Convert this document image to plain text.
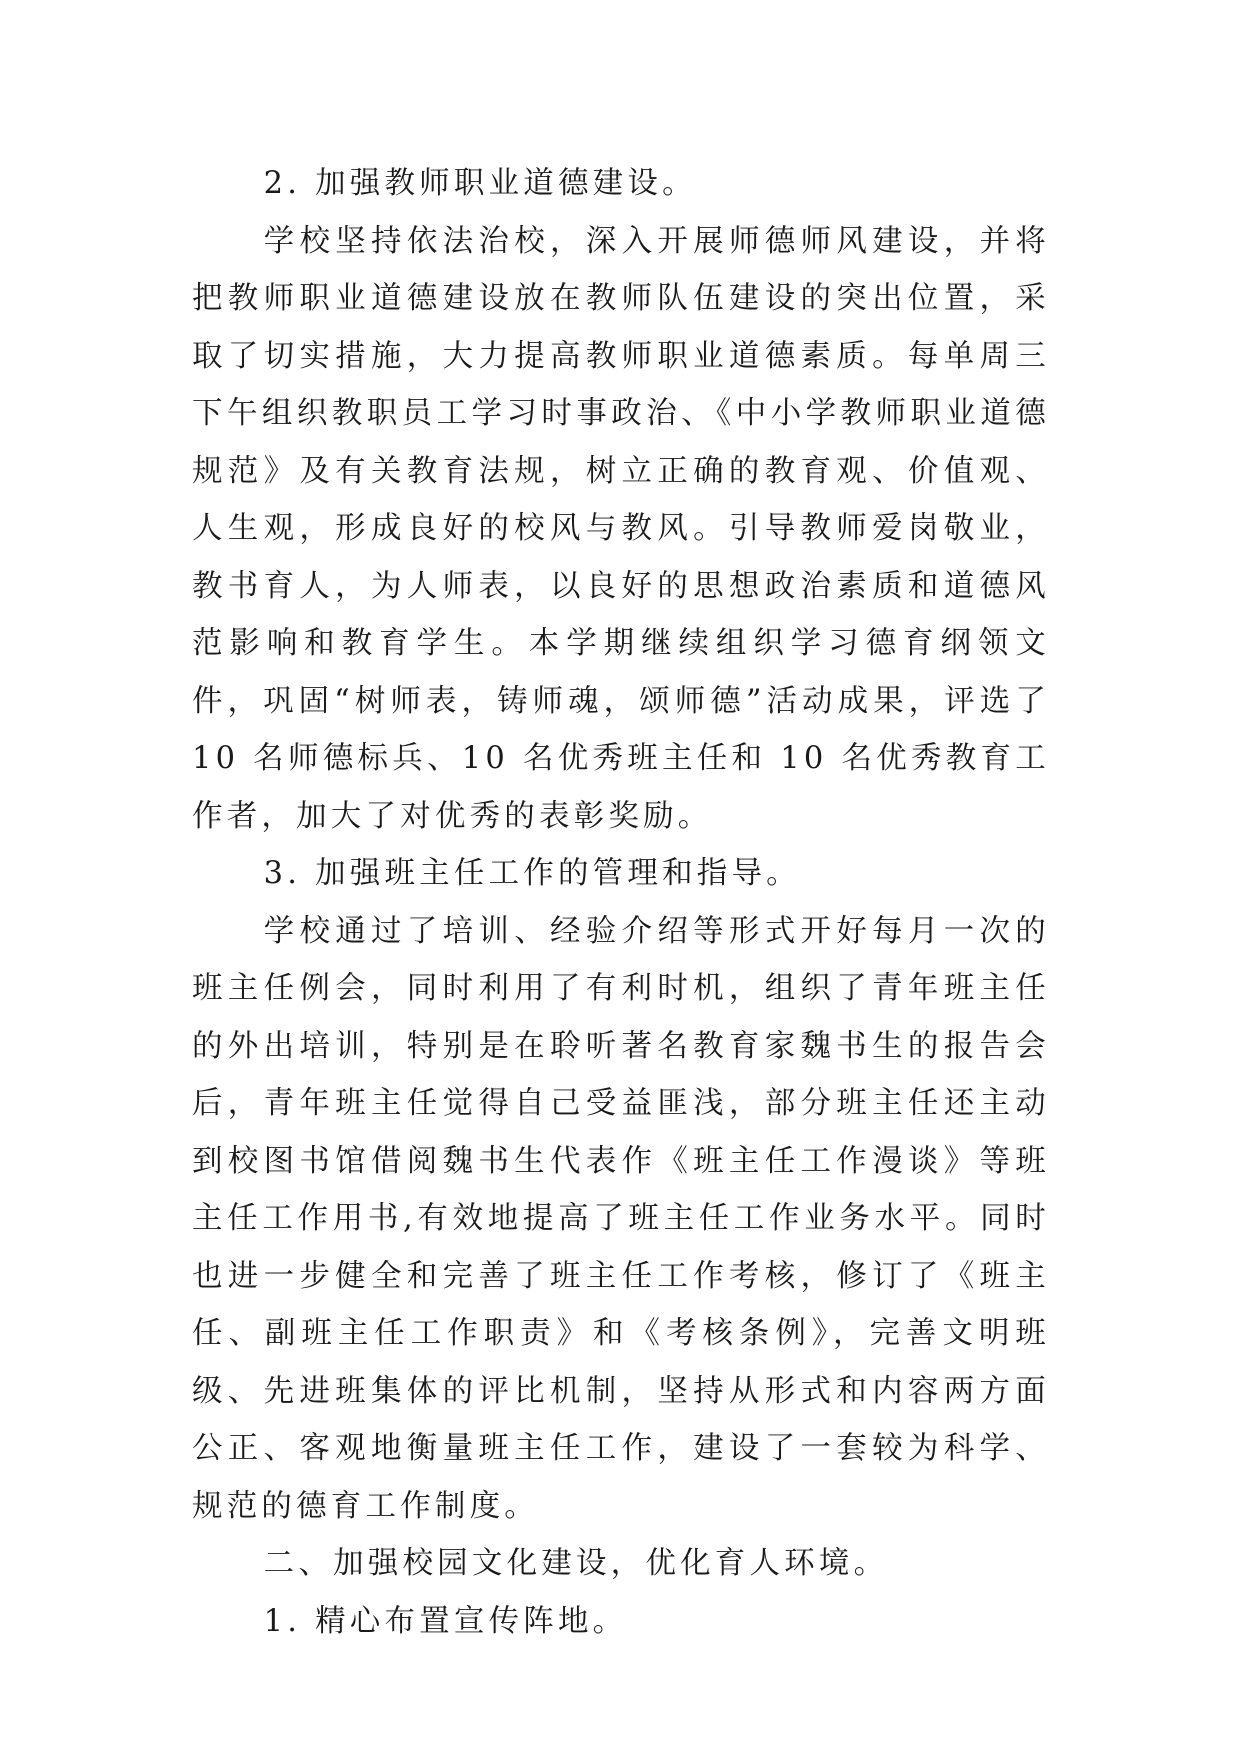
2. 加强教师职业道德建设。

学校坚持依法治校，深入开展师德师风建设，并将把教师职业道德建设放在教师队伍建设的突出位置，采取了切实措施，大力提高教师职业道德素质。每单周三下午组织教职员工学习时事政治、《中小学教师职业道德规范》及有关教育法规，树立正确的教育观、价值观、人生观，形成良好的校风与教风。引导教师爱岗敬业，教书育人，为人师表，以良好的思想政治素质和道德风范影响和教育学生。本学期继续组织学习德育纲领文件，巩固“树师表，铸师魂，颂师德”活动成果，评选了 10 名师德标兵、10 名优秀班主任和 10 名优秀教育工作者，加大了对优秀的表彰奖励。

3. 加强班主任工作的管理和指导。

学校通过了培训、经验介绍等形式开好每月一次的班主任例会，同时利用了有利时机，组织了青年班主任的外出培训，特别是在聆听著名教育家魏书生的报告会后，青年班主任觉得自己受益匪浅，部分班主任还主动到校图书馆借阅魏书生代表作《班主任工作漫谈》等班主任工作用书,有效地提高了班主任工作业务水平。同时也进一步健全和完善了班主任工作考核，修订了《班主任、副班主任工作职责》和《考核条例》，完善文明班级、先进班集体的评比机制，坚持从形式和内容两方面公正、客观地衡量班主任工作，建设了一套较为科学、规范的德育工作制度。

二、加强校园文化建设，优化育人环境。

1. 精心布置宣传阵地。
